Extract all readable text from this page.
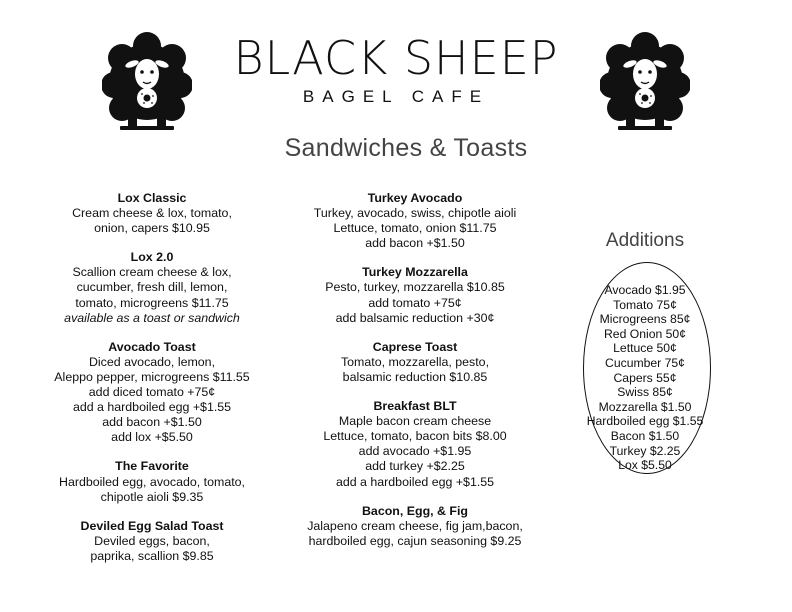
BLACK SHEEP
BAGEL CAFE
Sandwiches & Toasts
Lox Classic
Cream cheese & lox, tomato,
onion, capers $10.95
Lox 2.0
Scallion cream cheese & lox,
cucumber, fresh dill, lemon,
tomato, microgreens $11.75
available as a toast or sandwich
Avocado Toast
Diced avocado, lemon,
Aleppo pepper, microgreens $11.55
add diced tomato +75¢
add a hardboiled egg +$1.55
add bacon +$1.50
add lox +$5.50
The Favorite
Hardboiled egg, avocado, tomato,
chipotle aioli $9.35
Deviled Egg Salad Toast
Deviled eggs, bacon,
paprika, scallion $9.85
Turkey Avocado
Turkey, avocado, swiss, chipotle aioli
Lettuce, tomato, onion $11.75
add bacon +$1.50
Turkey Mozzarella
Pesto, turkey, mozzarella $10.85
add tomato +75¢
add balsamic reduction +30¢
Caprese Toast
Tomato, mozzarella, pesto,
balsamic reduction $10.85
Breakfast BLT
Maple bacon cream cheese
Lettuce, tomato, bacon bits $8.00
add avocado +$1.95
add turkey +$2.25
add a hardboiled egg +$1.55
Bacon, Egg, & Fig
Jalapeno cream cheese, fig jam,bacon,
hardboiled egg, cajun seasoning $9.25
Additions
Avocado $1.95
Tomato 75¢
Microgreens 85¢
Red Onion 50¢
Lettuce 50¢
Cucumber 75¢
Capers 55¢
Swiss 85¢
Mozzarella $1.50
Hardboiled egg $1.55
Bacon $1.50
Turkey $2.25
Lox $5.50
